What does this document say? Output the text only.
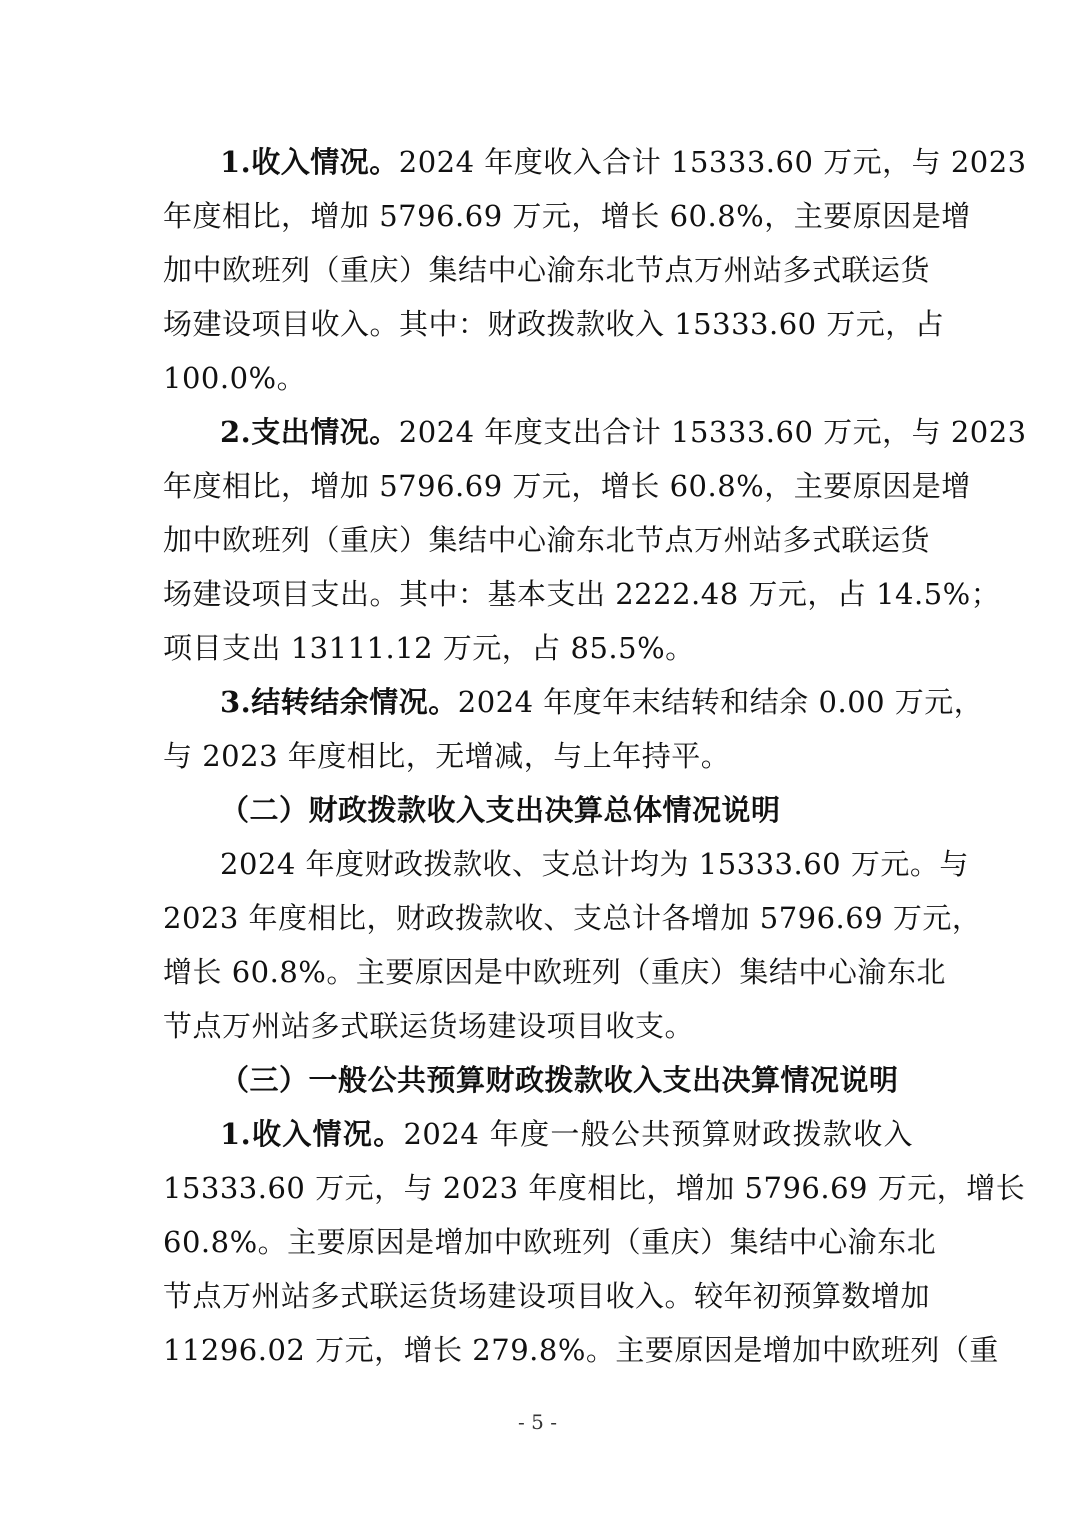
1.收入情况。2024 年度收入合计 15333.60 万元，与 2023
年度相比，增加 5796.69 万元，增长 60.8%，主要原因是增
加中欧班列（重庆）集结中心渝东北节点万州站多式联运货
场建设项目收入。其中：财政拨款收入 15333.60 万元，占
100.0%。
2.支出情况。2024 年度支出合计 15333.60 万元，与 2023
年度相比，增加 5796.69 万元，增长 60.8%，主要原因是增
加中欧班列（重庆）集结中心渝东北节点万州站多式联运货
场建设项目支出。其中：基本支出 2222.48 万元，占 14.5%；
项目支出 13111.12 万元，占 85.5%。
3.结转结余情况。2024 年度年末结转和结余 0.00 万元，
与 2023 年度相比，无增减，与上年持平。
（二）财政拨款收入支出决算总体情况说明
2024 年度财政拨款收、支总计均为 15333.60 万元。与
2023 年度相比，财政拨款收、支总计各增加 5796.69 万元，
增长 60.8%。主要原因是中欧班列（重庆）集结中心渝东北
节点万州站多式联运货场建设项目收支。
（三）一般公共预算财政拨款收入支出决算情况说明
1.收入情况。2024 年度一般公共预算财政拨款收入
15333.60 万元，与 2023 年度相比，增加 5796.69 万元，增长
60.8%。主要原因是增加中欧班列（重庆）集结中心渝东北
节点万州站多式联运货场建设项目收入。较年初预算数增加
11296.02 万元，增长 279.8%。主要原因是增加中欧班列（重
- 5 -
